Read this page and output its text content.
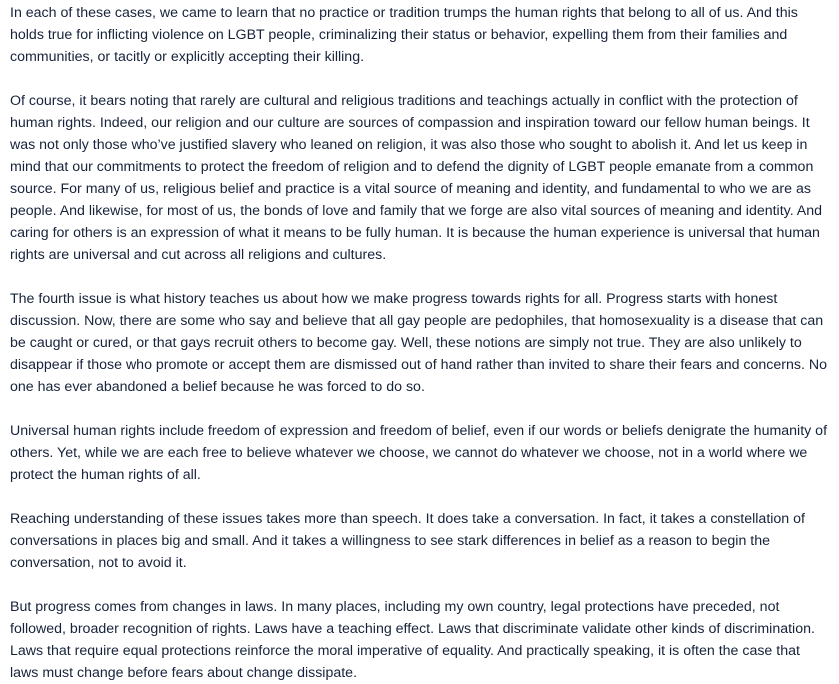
In each of these cases, we came to learn that no practice or tradition trumps the human rights that belong to all of us. And this holds true for inflicting violence on LGBT people, criminalizing their status or behavior, expelling them from their families and communities, or tacitly or explicitly accepting their killing.

Of course, it bears noting that rarely are cultural and religious traditions and teachings actually in conflict with the protection of human rights. Indeed, our religion and our culture are sources of compassion and inspiration toward our fellow human beings. It was not only those who’ve justified slavery who leaned on religion, it was also those who sought to abolish it. And let us keep in mind that our commitments to protect the freedom of religion and to defend the dignity of LGBT people emanate from a common source. For many of us, religious belief and practice is a vital source of meaning and identity, and fundamental to who we are as people. And likewise, for most of us, the bonds of love and family that we forge are also vital sources of meaning and identity. And caring for others is an expression of what it means to be fully human. It is because the human experience is universal that human rights are universal and cut across all religions and cultures.

The fourth issue is what history teaches us about how we make progress towards rights for all. Progress starts with honest discussion. Now, there are some who say and believe that all gay people are pedophiles, that homosexuality is a disease that can be caught or cured, or that gays recruit others to become gay. Well, these notions are simply not true. They are also unlikely to disappear if those who promote or accept them are dismissed out of hand rather than invited to share their fears and concerns. No one has ever abandoned a belief because he was forced to do so.

Universal human rights include freedom of expression and freedom of belief, even if our words or beliefs denigrate the humanity of others. Yet, while we are each free to believe whatever we choose, we cannot do whatever we choose, not in a world where we protect the human rights of all.

Reaching understanding of these issues takes more than speech. It does take a conversation. In fact, it takes a constellation of conversations in places big and small. And it takes a willingness to see stark differences in belief as a reason to begin the conversation, not to avoid it.

But progress comes from changes in laws. In many places, including my own country, legal protections have preceded, not followed, broader recognition of rights. Laws have a teaching effect. Laws that discriminate validate other kinds of discrimination. Laws that require equal protections reinforce the moral imperative of equality. And practically speaking, it is often the case that laws must change before fears about change dissipate.
